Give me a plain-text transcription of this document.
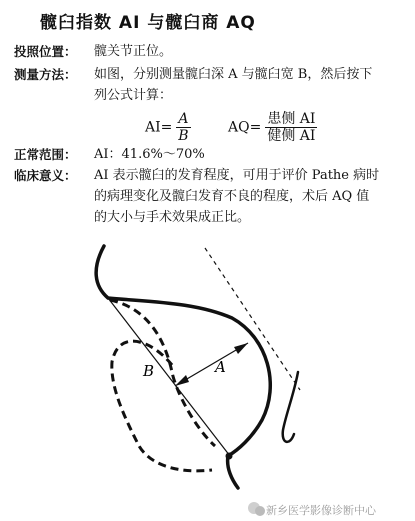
髋臼指数 AI 与髋臼商 AQ
投照位置：	髋关节正位。
测量方法：	如图，分别测量髋臼深 A 与髋臼宽 B，然后按下
列公式计算：
$AI= \frac{A}{B}$	$AQ= \frac{\text{患侧 AI}}{\text{健侧 AI}}$
正常范围：	AI：41.6%～70%
临床意义：	AI 表示髋臼的发育程度，可用于评价 Pathe 病时
的病理变化及髋臼发育不良的程度，术后 AQ 值
的大小与手术效果成正比。
B	A
新乡医学影像诊断中心
